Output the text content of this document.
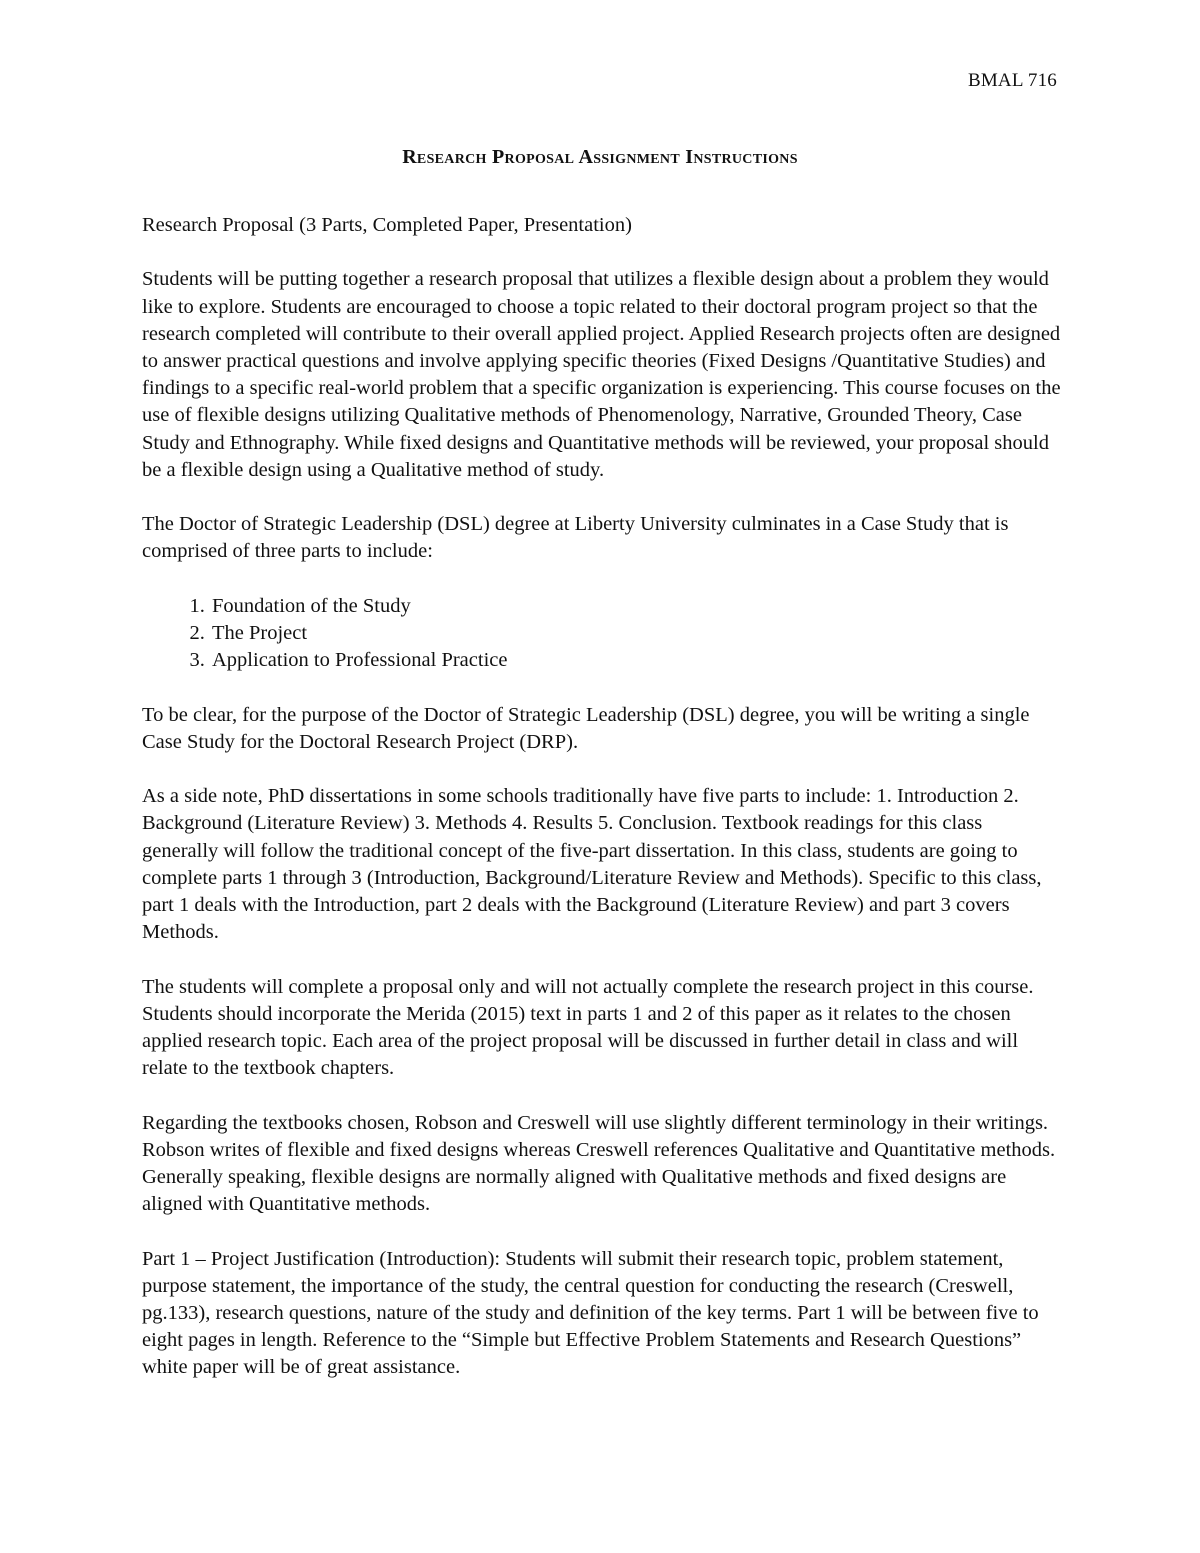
BMAL 716
Research Proposal Assignment Instructions

Research Proposal (3 Parts, Completed Paper, Presentation)

Students will be putting together a research proposal that utilizes a flexible design about a problem they would like to explore. Students are encouraged to choose a topic related to their doctoral program project so that the research completed will contribute to their overall applied project. Applied Research projects often are designed to answer practical questions and involve applying specific theories (Fixed Designs /Quantitative Studies) and findings to a specific real-world problem that a specific organization is experiencing. This course focuses on the use of flexible designs utilizing Qualitative methods of Phenomenology, Narrative, Grounded Theory, Case Study and Ethnography. While fixed designs and Quantitative methods will be reviewed, your proposal should be a flexible design using a Qualitative method of study.

The Doctor of Strategic Leadership (DSL) degree at Liberty University culminates in a Case Study that is comprised of three parts to include:

1. Foundation of the Study
2. The Project
3. Application to Professional Practice

To be clear, for the purpose of the Doctor of Strategic Leadership (DSL) degree, you will be writing a single Case Study for the Doctoral Research Project (DRP).

As a side note, PhD dissertations in some schools traditionally have five parts to include: 1. Introduction 2. Background (Literature Review) 3. Methods 4. Results 5. Conclusion. Textbook readings for this class generally will follow the traditional concept of the five-part dissertation. In this class, students are going to complete parts 1 through 3 (Introduction, Background/Literature Review and Methods). Specific to this class, part 1 deals with the Introduction, part 2 deals with the Background (Literature Review) and part 3 covers Methods.

The students will complete a proposal only and will not actually complete the research project in this course. Students should incorporate the Merida (2015) text in parts 1 and 2 of this paper as it relates to the chosen applied research topic. Each area of the project proposal will be discussed in further detail in class and will relate to the textbook chapters.

Regarding the textbooks chosen, Robson and Creswell will use slightly different terminology in their writings. Robson writes of flexible and fixed designs whereas Creswell references Qualitative and Quantitative methods. Generally speaking, flexible designs are normally aligned with Qualitative methods and fixed designs are aligned with Quantitative methods.

Part 1 – Project Justification (Introduction): Students will submit their research topic, problem statement, purpose statement, the importance of the study, the central question for conducting the research (Creswell, pg.133), research questions, nature of the study and definition of the key terms. Part 1 will be between five to eight pages in length. Reference to the “Simple but Effective Problem Statements and Research Questions” white paper will be of great assistance.
